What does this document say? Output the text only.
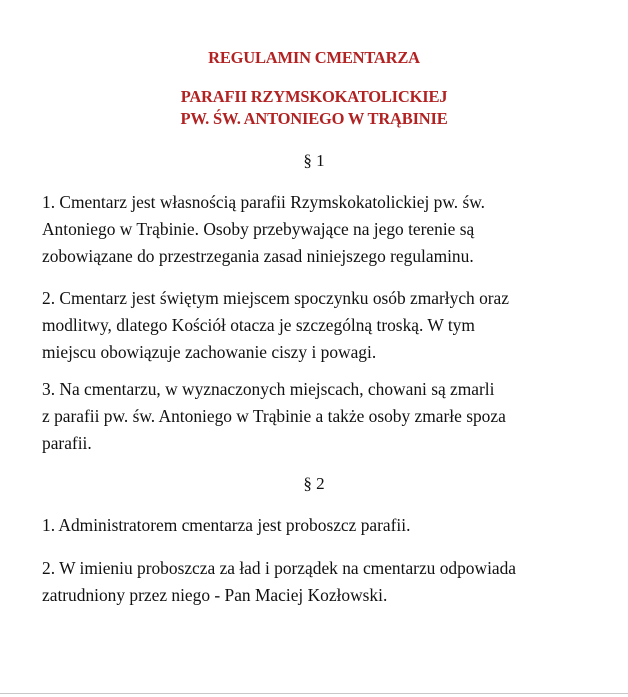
REGULAMIN CMENTARZA
PARAFII RZYMSKOKATOLICKIEJ
PW. ŚW. ANTONIEGO W TRĄBINIE
§ 1
1. Cmentarz jest własnością parafii Rzymskokatolickiej pw. św.
Antoniego w Trąbinie. Osoby przebywające na jego terenie są
zobowiązane do przestrzegania zasad niniejszego regulaminu.
2. Cmentarz jest świętym miejscem spoczynku osób zmarłych oraz
modlitwy, dlatego Kościół otacza je szczególną troską. W tym
miejscu obowiązuje zachowanie ciszy i powagi.
3. Na cmentarzu, w wyznaczonych miejscach, chowani są zmarli
z parafii pw. św. Antoniego w Trąbinie a także osoby zmarłe spoza
parafii.
§ 2
1. Administratorem cmentarza jest proboszcz parafii.
2. W imieniu proboszcza za ład i porządek na cmentarzu odpowiada
zatrudniony przez niego - Pan Maciej Kozłowski.
